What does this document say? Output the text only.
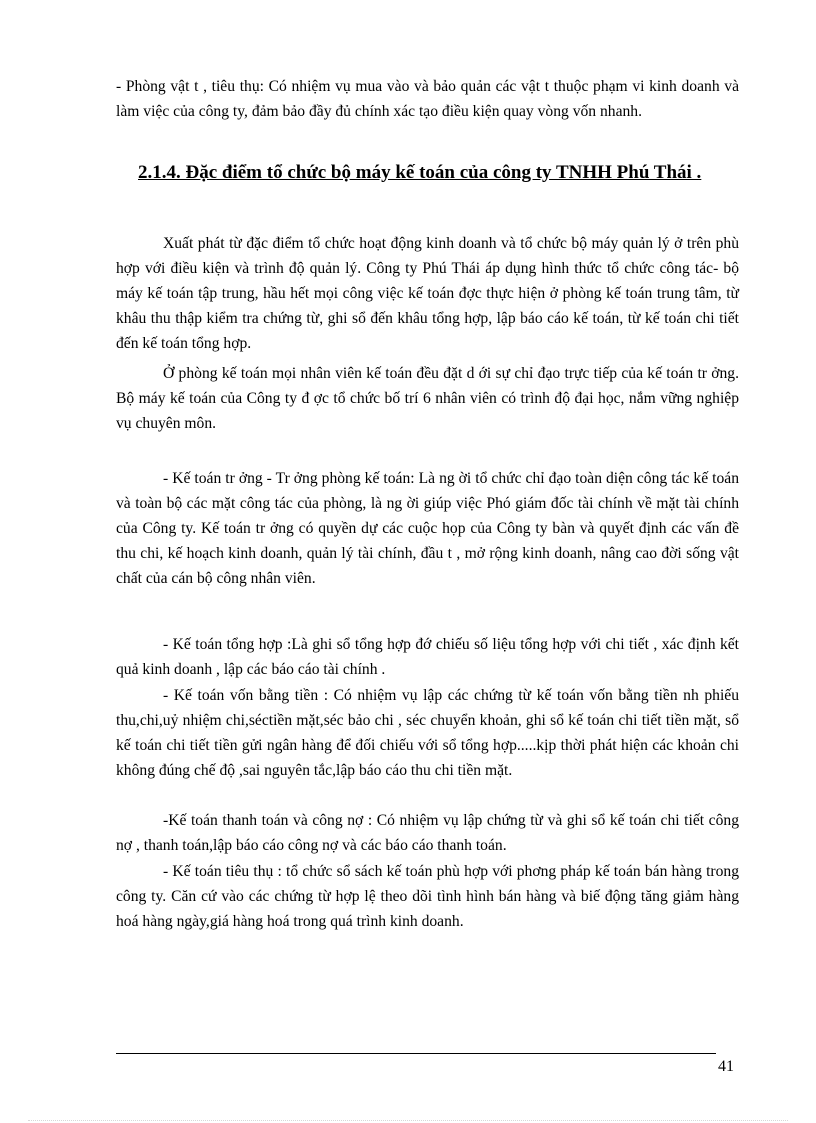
- Phòng vật t , tiêu thụ: Có nhiệm vụ mua vào và bảo quản các vật t thuộc phạm vi kinh doanh và làm việc của công ty, đảm bảo đầy đủ chính xác tạo điều kiện quay vòng vốn nhanh.

2.1.4. Đặc điểm tổ chức bộ máy kế toán của công ty TNHH Phú Thái .

Xuất phát từ đặc điểm tổ chức hoạt động kinh doanh và tổ chức bộ máy quản lý ở trên phù hợp với điều kiện và trình độ quản lý. Công ty Phú Thái áp dụng hình thức tổ chức công tác- bộ máy kế toán tập trung, hầu hết mọi công việc kế toán đợc thực hiện ở phòng kế toán trung tâm, từ khâu thu thập kiểm tra chứng từ, ghi sổ đến khâu tổng hợp, lập báo cáo kế toán, từ kế toán chi tiết đến kế toán tổng hợp.

Ở phòng kế toán mọi nhân viên kế toán đều đặt d ới sự chỉ đạo trực tiếp của kế toán tr ởng. Bộ máy kế toán của Công ty đ ợc tổ chức bố trí 6 nhân viên có trình độ đại học, nắm vững nghiệp vụ chuyên môn.

- Kế toán tr ởng - Tr ởng phòng kế toán: Là ng ời tổ chức chỉ đạo toàn diện công tác kế toán và toàn bộ các mặt công tác của phòng, là ng ời giúp việc Phó giám đốc tài chính về mặt tài chính của Công ty. Kế toán tr ởng có quyền dự các cuộc họp của Công ty bàn và quyết định các vấn đề thu chi, kế hoạch kinh doanh, quản lý tài chính, đầu t , mở rộng kinh doanh, nâng cao đời sống vật chất của cán bộ công nhân viên.

- Kế toán tổng hợp :Là ghi sổ tổng hợp đớ chiếu số liệu tổng hợp với chi tiết , xác định kết quả kinh doanh , lập các báo cáo tài chính .

- Kế toán vốn bằng tiền : Có nhiệm vụ lập các chứng từ kế toán vốn bằng tiền nh phiếu thu,chi,uỷ nhiệm chi,séctiền mặt,séc bảo chi , séc chuyển khoản, ghi sổ kế toán chi tiết tiền mặt, sổ kế toán chi tiết tiền gửi ngân hàng để đối chiếu với sổ tổng hợp.....kịp thời phát hiện các khoản chi không đúng chế độ ,sai nguyên tắc,lập báo cáo thu chi tiền mặt.

-Kế toán thanh toán và công nợ : Có nhiệm vụ lập chứng từ và ghi sổ kế toán chi tiết công nợ , thanh toán,lập báo cáo công nợ và các báo cáo thanh toán.

- Kế toán tiêu thụ : tổ chức sổ sách kế toán phù hợp với phơng pháp kế toán bán hàng trong công ty. Căn cứ vào các chứng từ hợp lệ theo dõi tình hình bán hàng và biế động tăng giảm hàng hoá hàng ngày,giá hàng hoá trong quá trình kinh doanh.

41
